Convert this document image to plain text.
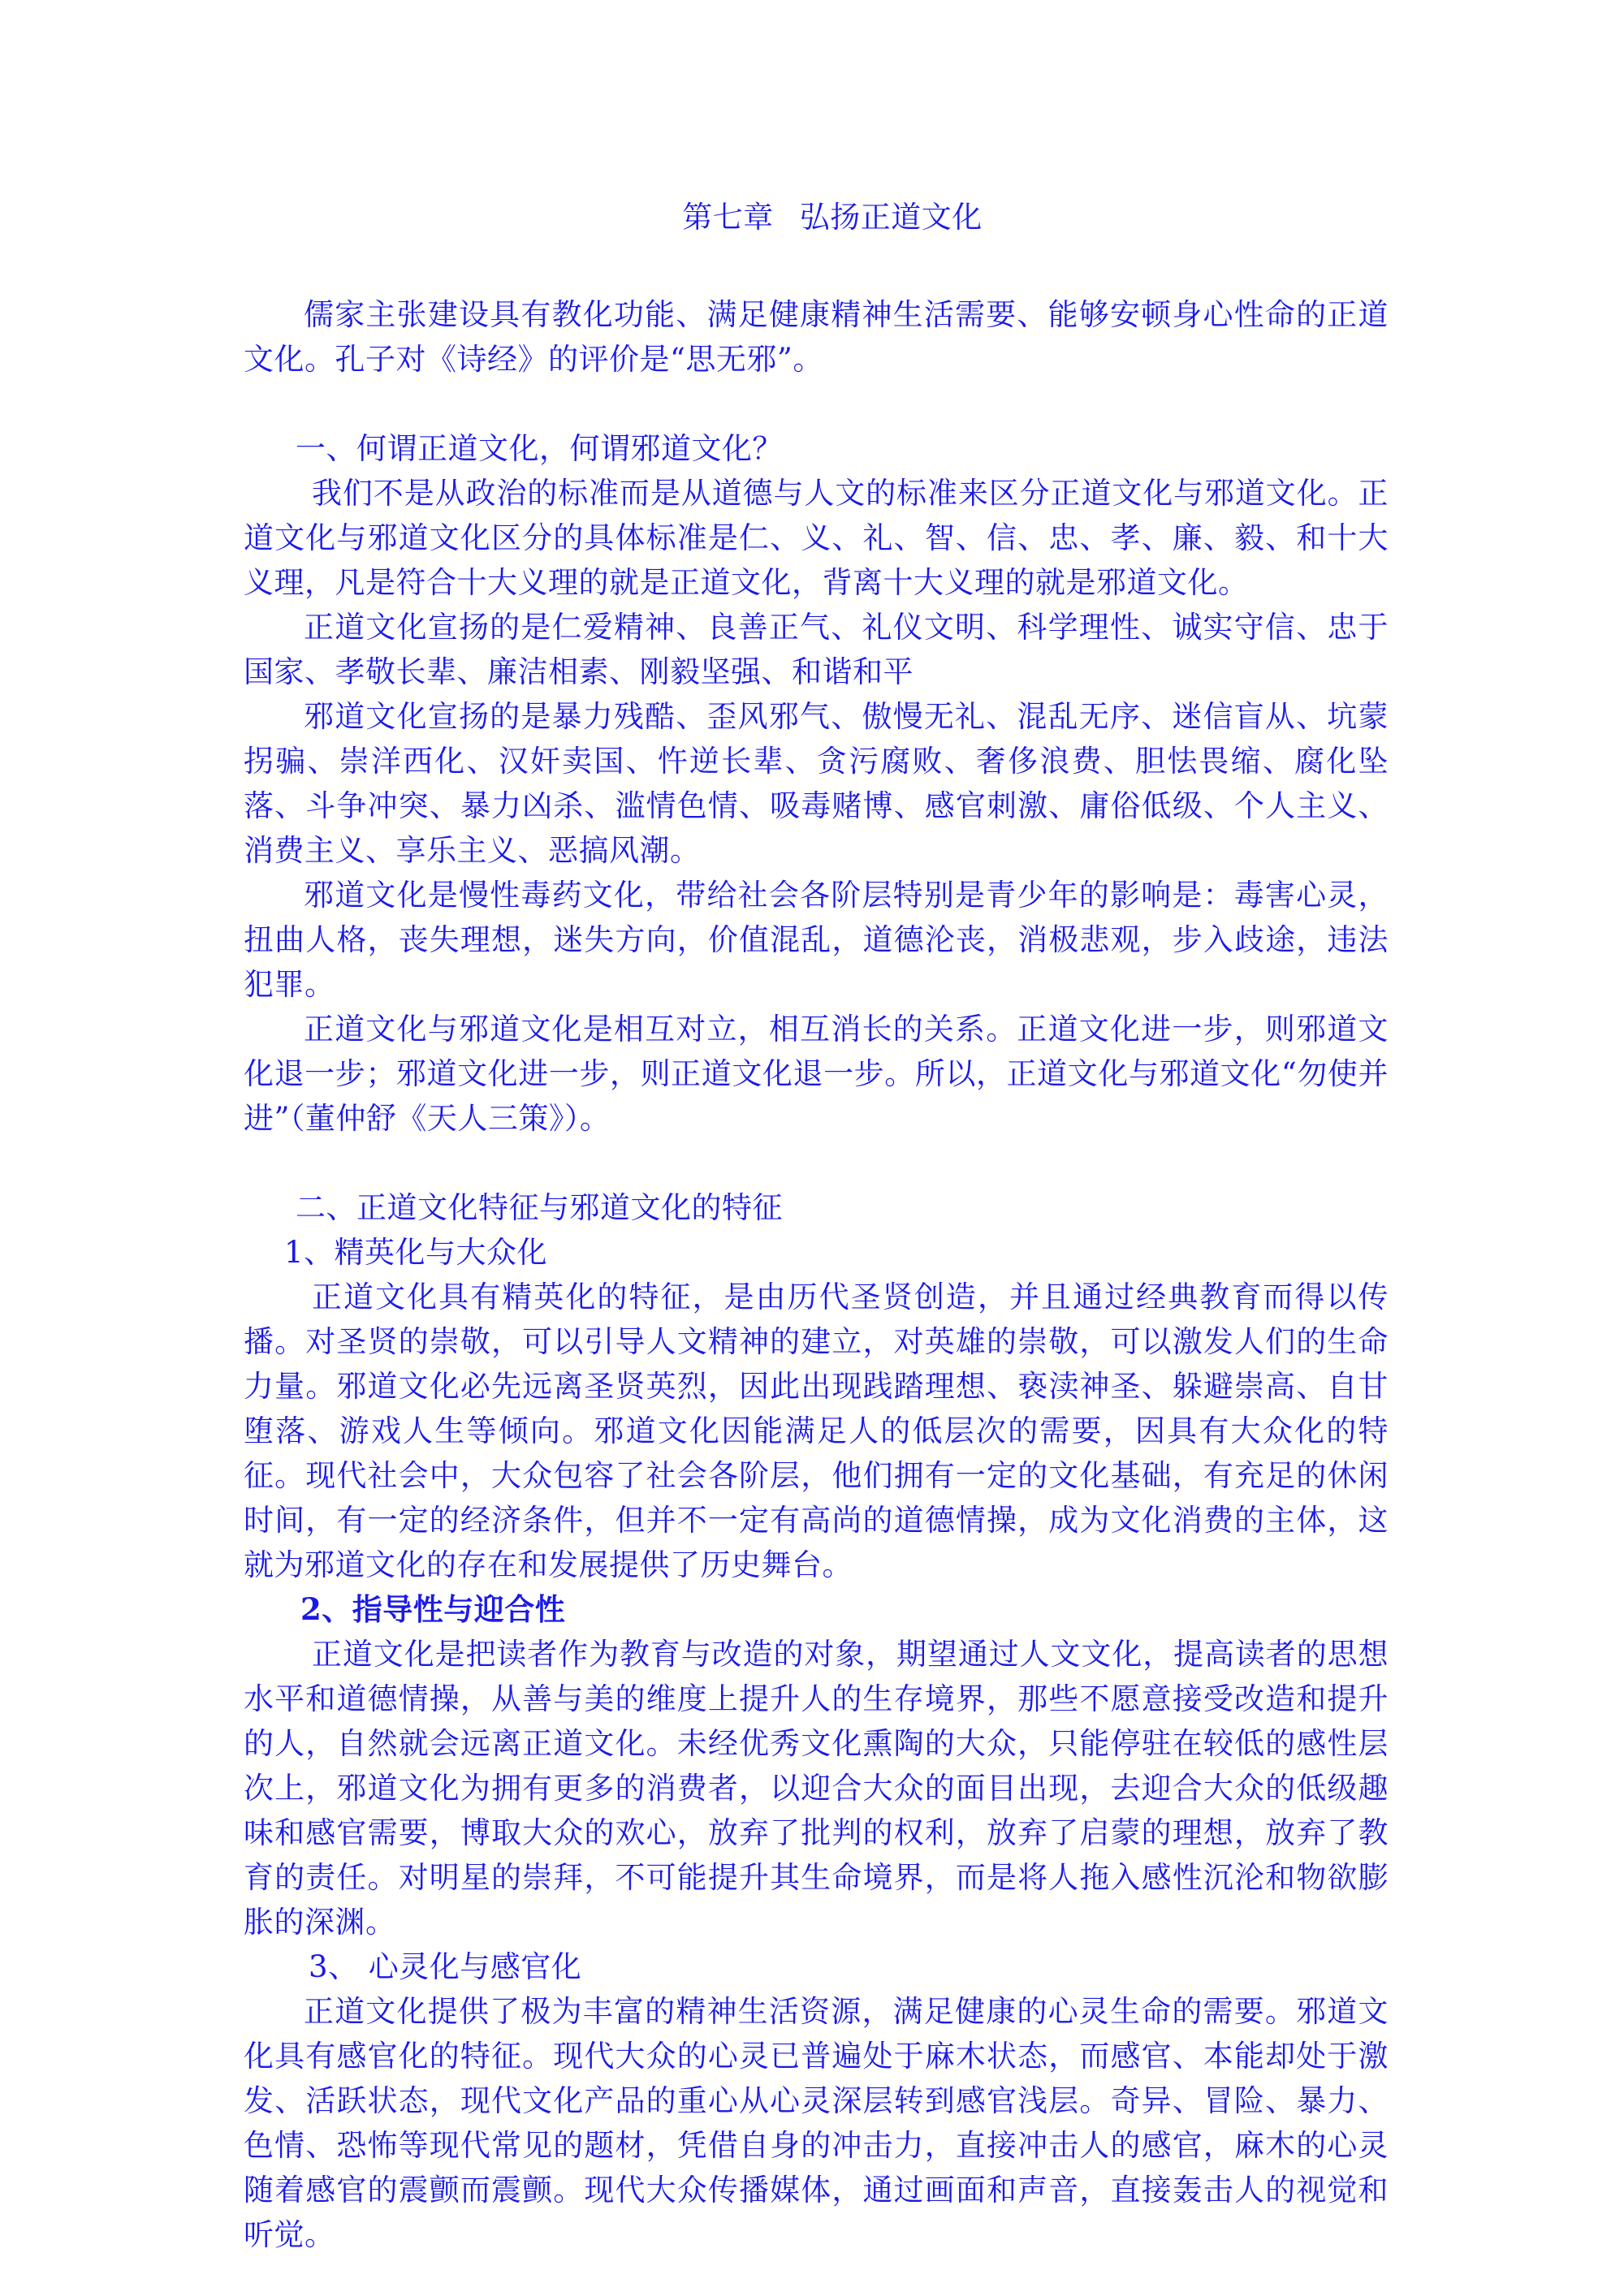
第七章 弘扬正道文化

儒家主张建设具有教化功能、满足健康精神生活需要、能够安顿身心性命的正道文化。孔子对《诗经》的评价是“思无邪”。

一、何谓正道文化，何谓邪道文化？

我们不是从政治的标准而是从道德与人文的标准来区分正道文化与邪道文化。正道文化与邪道文化区分的具体标准是仁、义、礼、智、信、忠、孝、廉、毅、和十大义理，凡是符合十大义理的就是正道文化，背离十大义理的就是邪道文化。

正道文化宣扬的是仁爱精神、良善正气、礼仪文明、科学理性、诚实守信、忠于国家、孝敬长辈、廉洁相素、刚毅坚强、和谐和平

邪道文化宣扬的是暴力残酷、歪风邪气、傲慢无礼、混乱无序、迷信盲从、坑蒙拐骗、崇洋西化、汉奸卖国、忤逆长辈、贪污腐败、奢侈浪费、胆怯畏缩、腐化坠落、斗争冲突、暴力凶杀、滥情色情、吸毒赌博、感官刺激、庸俗低级、个人主义、消费主义、享乐主义、恶搞风潮。

邪道文化是慢性毒药文化，带给社会各阶层特别是青少年的影响是：毒害心灵，扭曲人格，丧失理想，迷失方向，价值混乱，道德沦丧，消极悲观，步入歧途，违法犯罪。

正道文化与邪道文化是相互对立，相互消长的关系。正道文化进一步，则邪道文化退一步；邪道文化进一步，则正道文化退一步。所以，正道文化与邪道文化“勿使并进”（董仲舒《天人三策》）。

二、正道文化特征与邪道文化的特征

1、精英化与大众化

正道文化具有精英化的特征，是由历代圣贤创造，并且通过经典教育而得以传播。对圣贤的崇敬，可以引导人文精神的建立，对英雄的崇敬，可以激发人们的生命力量。邪道文化必先远离圣贤英烈，因此出现践踏理想、亵渎神圣、躲避崇高、自甘堕落、游戏人生等倾向。邪道文化因能满足人的低层次的需要，因具有大众化的特征。现代社会中，大众包容了社会各阶层，他们拥有一定的文化基础，有充足的休闲时间，有一定的经济条件，但并不一定有高尚的道德情操，成为文化消费的主体，这就为邪道文化的存在和发展提供了历史舞台。

2、指导性与迎合性

正道文化是把读者作为教育与改造的对象，期望通过人文文化，提高读者的思想水平和道德情操，从善与美的维度上提升人的生存境界，那些不愿意接受改造和提升的人，自然就会远离正道文化。未经优秀文化熏陶的大众，只能停驻在较低的感性层次上，邪道文化为拥有更多的消费者，以迎合大众的面目出现，去迎合大众的低级趣味和感官需要，博取大众的欢心，放弃了批判的权利，放弃了启蒙的理想，放弃了教育的责任。对明星的崇拜，不可能提升其生命境界，而是将人拖入感性沉沦和物欲膨胀的深渊。

3、 心灵化与感官化

正道文化提供了极为丰富的精神生活资源，满足健康的心灵生命的需要。邪道文化具有感官化的特征。现代大众的心灵已普遍处于麻木状态，而感官、本能却处于激发、活跃状态，现代文化产品的重心从心灵深层转到感官浅层。奇异、冒险、暴力、色情、恐怖等现代常见的题材，凭借自身的冲击力，直接冲击人的感官，麻木的心灵随着感官的震颤而震颤。现代大众传播媒体，通过画面和声音，直接轰击人的视觉和听觉。
